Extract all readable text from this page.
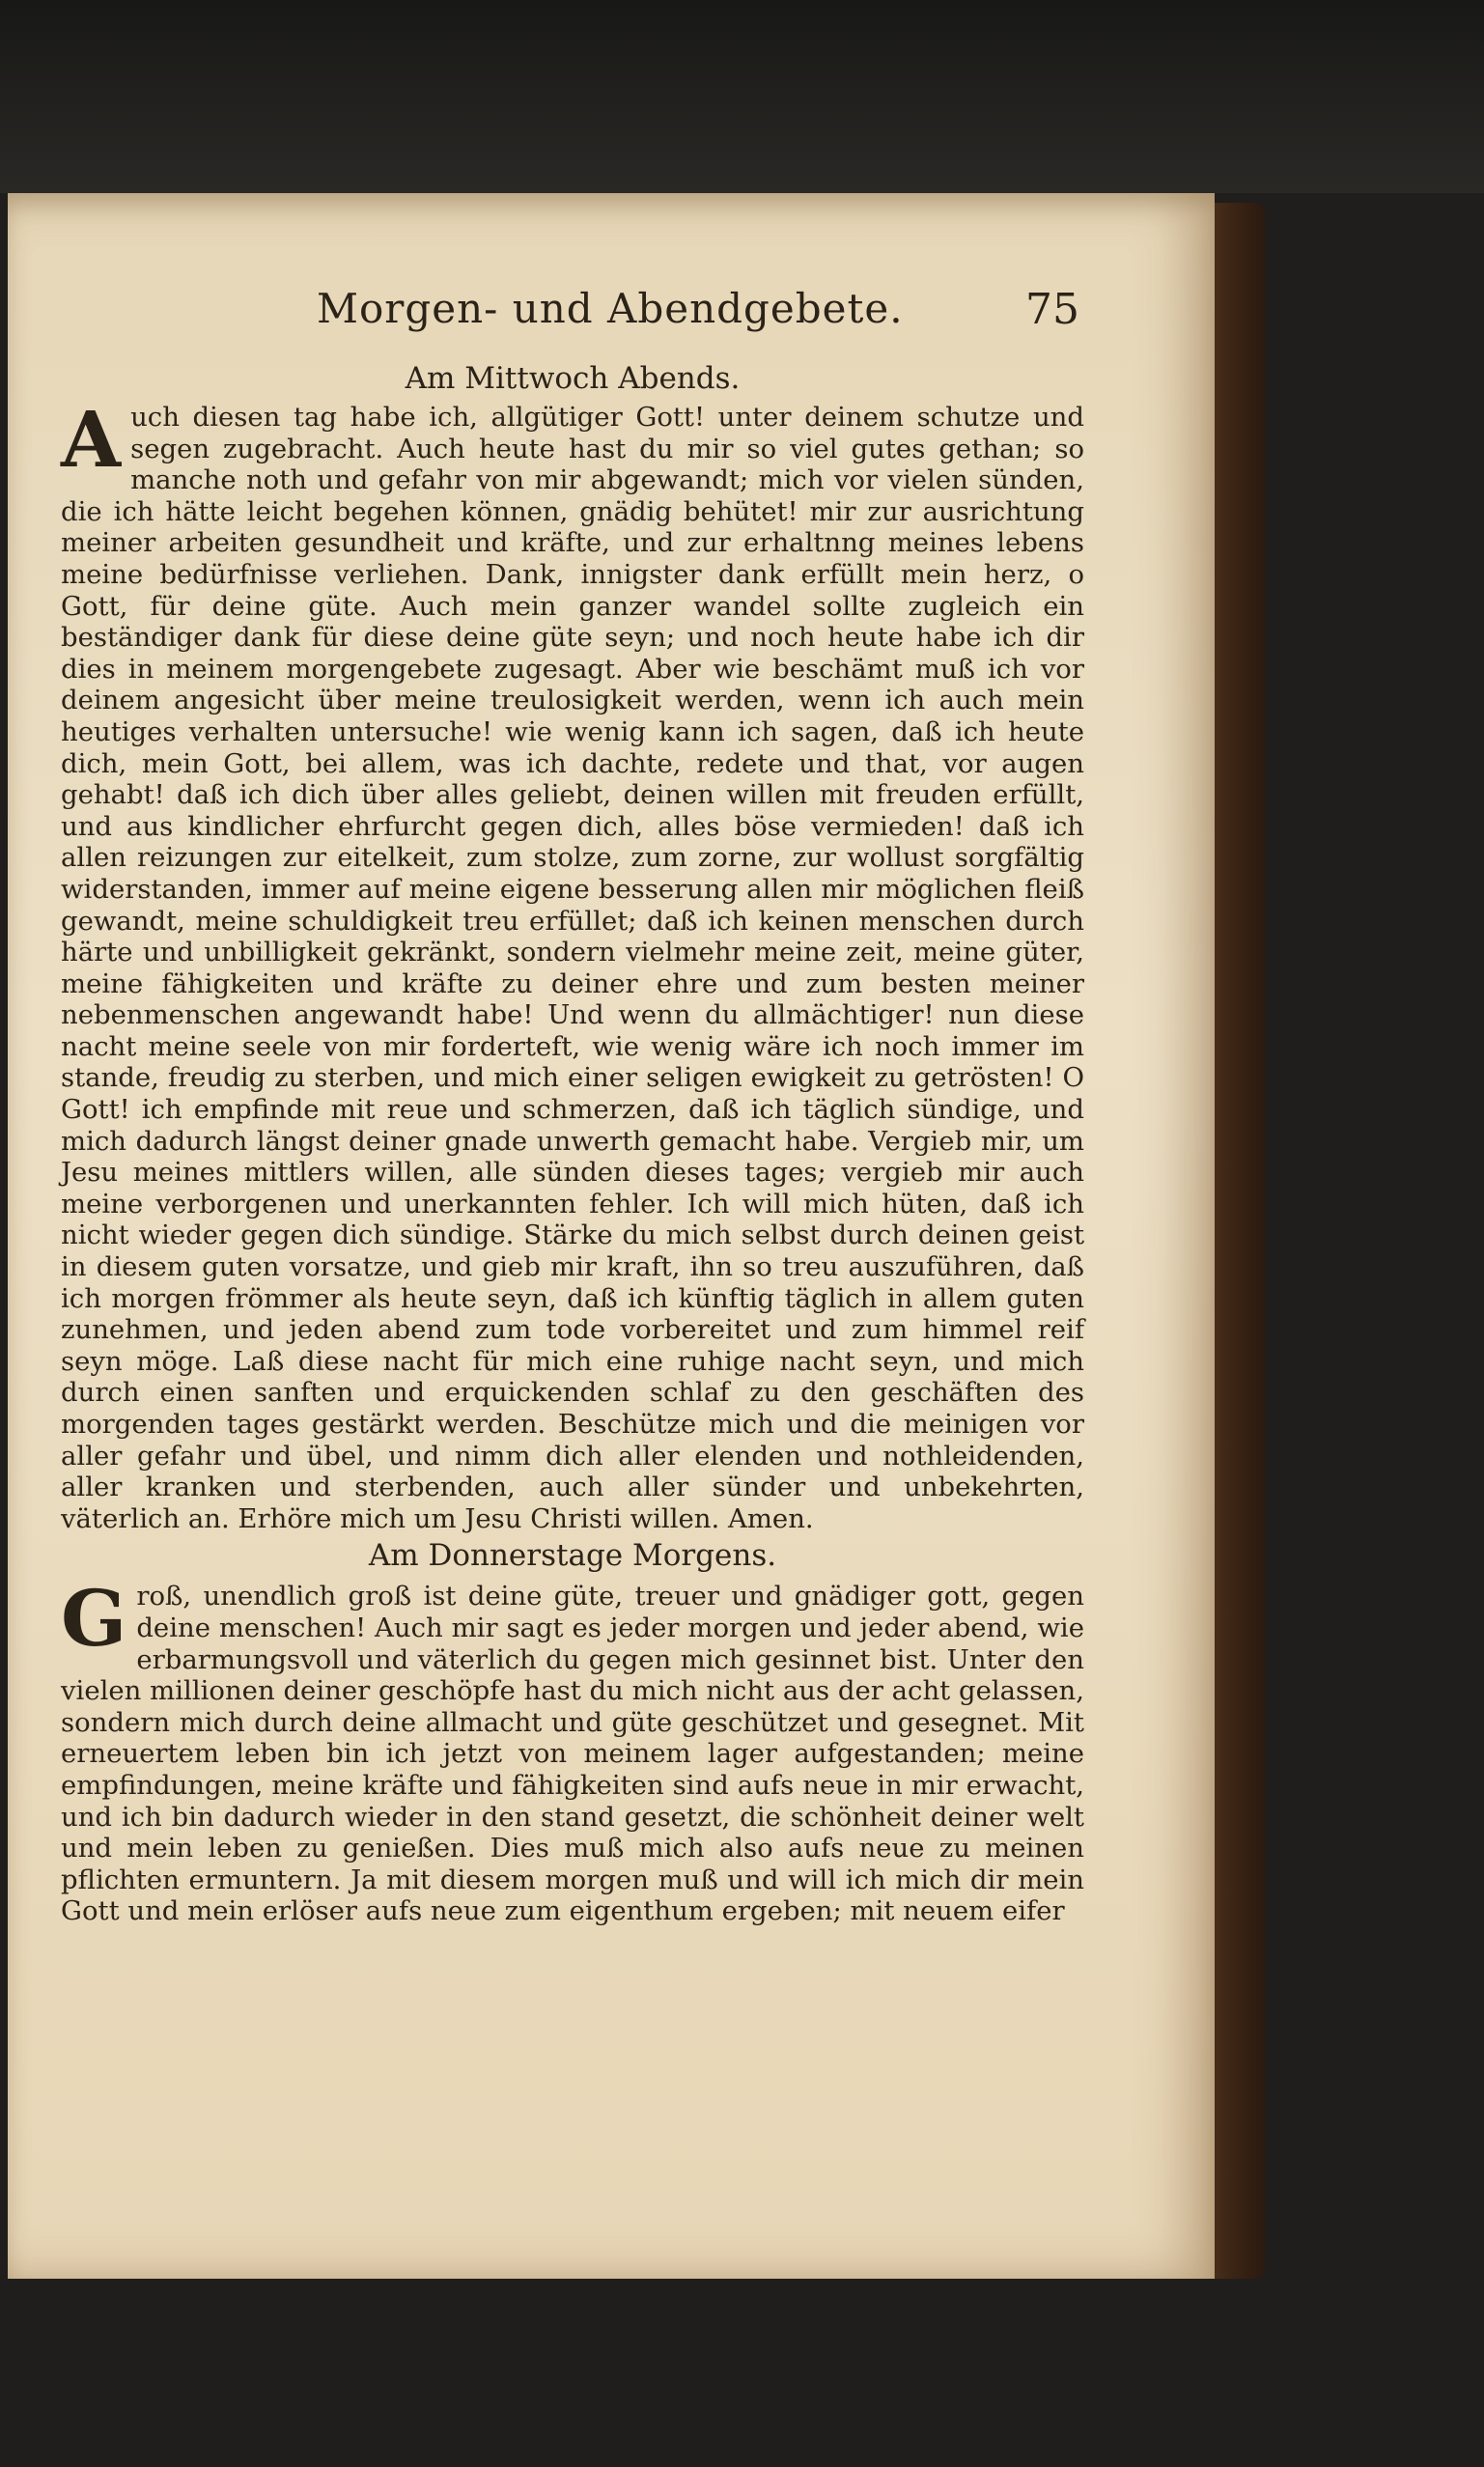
Morgen- und Abendgebete.	75
Am Mittwoch Abends.

Auch diesen tag habe ich, allgütiger Gott! unter deinem schutze und segen zugebracht. Auch heute hast du mir so viel gutes gethan; so manche noth und gefahr von mir abgewandt; mich vor vielen sünden, die ich hätte leicht begehen können, gnädig behütet! mir zur ausrichtung meiner arbeiten gesundheit und kräfte, und zur erhaltnng meines lebens meine bedürfnisse verliehen. Dank, innigster dank erfüllt mein herz, o Gott, für deine güte. Auch mein ganzer wandel sollte zugleich ein beständiger dank für diese deine güte seyn; und noch heute habe ich dir dies in meinem morgengebete zugesagt. Aber wie beschämt muß ich vor deinem angesicht über meine treulosigkeit werden, wenn ich auch mein heutiges verhalten untersuche! wie wenig kann ich sagen, daß ich heute dich, mein Gott, bei allem, was ich dachte, redete und that, vor augen gehabt! daß ich dich über alles geliebt, deinen willen mit freuden erfüllt, und aus kindlicher ehrfurcht gegen dich, alles böse vermieden! daß ich allen reizungen zur eitelkeit, zum stolze, zum zorne, zur wollust sorgfältig widerstanden, immer auf meine eigene besserung allen mir möglichen fleiß gewandt, meine schuldigkeit treu erfüllet; daß ich keinen menschen durch härte und unbilligkeit gekränkt, sondern vielmehr meine zeit, meine güter, meine fähigkeiten und kräfte zu deiner ehre und zum besten meiner nebenmenschen angewandt habe! Und wenn du allmächtiger! nun diese nacht meine seele von mir forderteft, wie wenig wäre ich noch immer im stande, freudig zu sterben, und mich einer seligen ewigkeit zu getrösten! O Gott! ich empfinde mit reue und schmerzen, daß ich täglich sündige, und mich dadurch längst deiner gnade unwerth gemacht habe. Vergieb mir, um Jesu meines mittlers willen, alle sünden dieses tages; vergieb mir auch meine verborgenen und unerkannten fehler. Ich will mich hüten, daß ich nicht wieder gegen dich sündige. Stärke du mich selbst durch deinen geist in diesem guten vorsatze, und gieb mir kraft, ihn so treu auszuführen, daß ich morgen frömmer als heute seyn, daß ich künftig täglich in allem guten zunehmen, und jeden abend zum tode vorbereitet und zum himmel reif seyn möge. Laß diese nacht für mich eine ruhige nacht seyn, und mich durch einen sanften und erquickenden schlaf zu den geschäften des morgenden tages gestärkt werden. Beschütze mich und die meinigen vor aller gefahr und übel, und nimm dich aller elenden und nothleidenden, aller kranken und sterbenden, auch aller sünder und unbekehrten, väterlich an. Erhöre mich um Jesu Christi willen. Amen.

Am Donnerstage Morgens.

Groß, unendlich groß ist deine güte, treuer und gnädiger gott, gegen deine menschen! Auch mir sagt es jeder morgen und jeder abend, wie erbarmungsvoll und väterlich du gegen mich gesinnet bist. Unter den vielen millionen deiner geschöpfe hast du mich nicht aus der acht gelassen, sondern mich durch deine allmacht und güte geschützet und gesegnet. Mit erneuertem leben bin ich jetzt von meinem lager aufgestanden; meine empfindungen, meine kräfte und fähigkeiten sind aufs neue in mir erwacht, und ich bin dadurch wieder in den stand gesetzt, die schönheit deiner welt und mein leben zu genießen. Dies muß mich also aufs neue zu meinen pflichten ermuntern. Ja mit diesem morgen muß und will ich mich dir mein Gott und mein erlöser aufs neue zum eigenthum ergeben; mit neuem eifer
